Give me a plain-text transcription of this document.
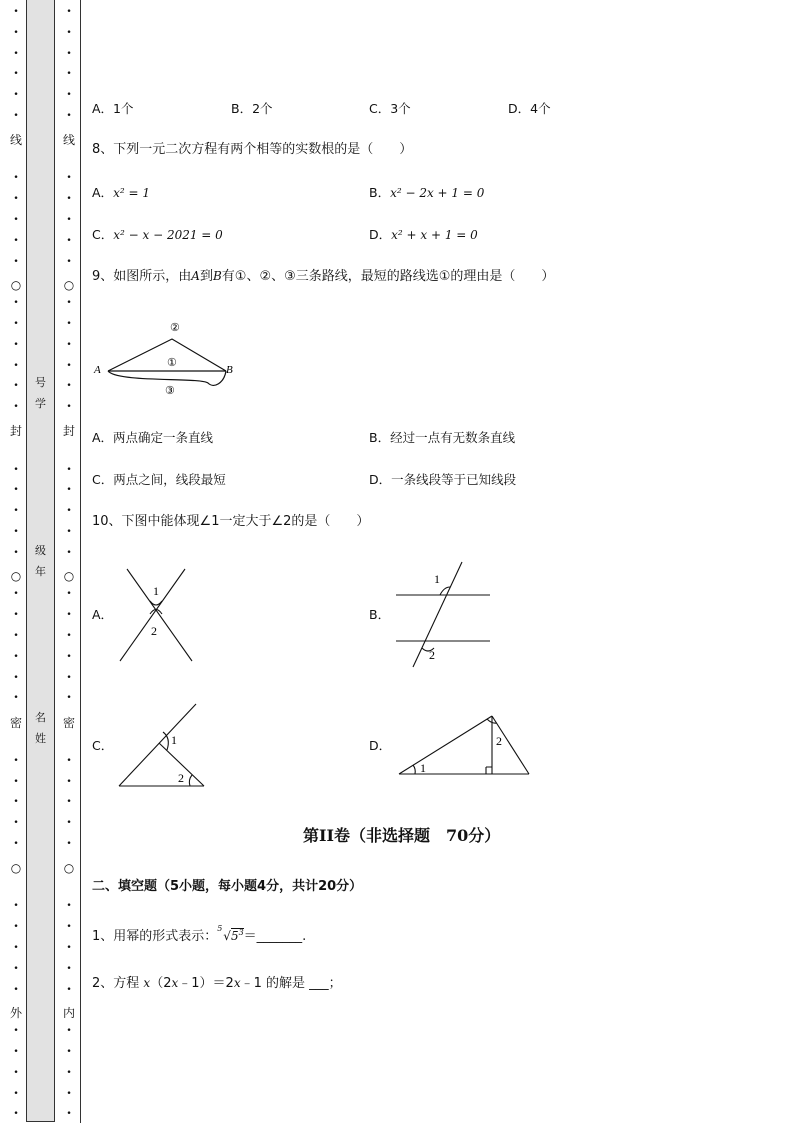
•
•
•
•
•
•
•
•
•
•
•
•
•
•
•
•
•
•
•
•
•
•
•
•
•
•
•
•
•
•
•
•
•
•
•
•
•
•
•
•
•
•
•
线
封
密
外
○
○
○
号
学
级
年
名
姓
•
•
•
•
•
•
•
•
•
•
•
•
•
•
•
•
•
•
•
•
•
•
•
•
•
•
•
•
•
•
•
•
•
•
•
•
•
•
•
•
•
•
•
线
封
密
内
○
○
○
A．1个	B．2个	C．3个	D．4个
8、下列一元二次方程有两个相等的实数根的是（　　）
A．x² = 1	B．x² − 2x + 1 = 0
C．x² − x − 2021 = 0	D．x² + x + 1 = 0
9、如图所示，由A到B有①、②、③三条路线，最短的路线选①的理由是（　　）
A	B
①
②
③
A．两点确定一条直线	B．经过一点有无数条直线
C．两点之间，线段最短	D．一条线段等于已知线段
10、下图中能体现∠1一定大于∠2的是（　　）
A．
1
2
B．
1
2
C．	1
2
D．
1
2
第II卷（非选择题　70分）
二、填空题（5小题，每小题4分，共计20分）
1、用幂的形式表示：
5
$√5^3=\_\_\_\_\_\_\_$.
2、方程 x（2x﹣1）＝2x﹣1 的解是 ___；
